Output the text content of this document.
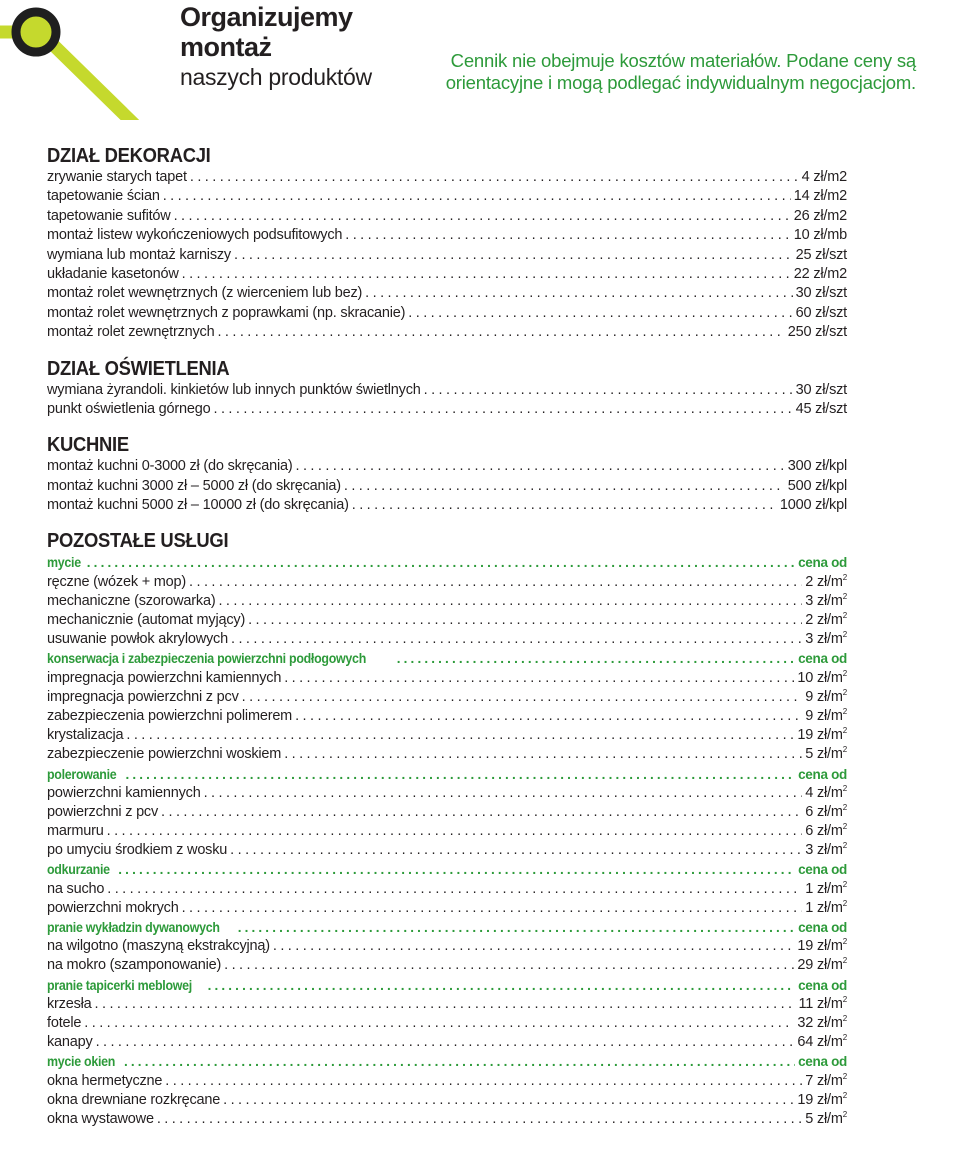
Organizujemy
montaż
naszych produktów
Cennik nie obejmuje kosztów materiałów. Podane ceny są orientacyjne i mogą podlegać indywidualnym negocjacjom.
DZIAŁ DEKORACJI
zrywanie starych tapet . . .	4 zł/m2
tapetowanie ścian . . .	14 zł/m2
tapetowanie sufitów . . .	26 zł/m2
montaż listew wykończeniowych podsufitowych . . .	10 zł/mb
wymiana lub montaż karniszy . . .	25 zł/szt
układanie kasetonów . . .	22 zł/m2
montaż rolet wewnętrznych (z wierceniem lub bez) . . .	30 zł/szt
montaż rolet wewnętrznych z poprawkami (np. skracanie) . . .	60 zł/szt
montaż rolet zewnętrznych . . .	250 zł/szt
DZIAŁ OŚWIETLENIA
wymiana żyrandoli. kinkietów lub innych punktów świetlnych . . .	30 zł/szt
punkt oświetlenia górnego . . .	45 zł/szt
KUCHNIE
montaż kuchni 0-3000 zł (do skręcania) . . .	300 zł/kpl
montaż kuchni 3000 zł – 5000 zł (do skręcania) . . .	500 zł/kpl
montaż kuchni 5000 zł – 10000 zł (do skręcania) . . .	1000 zł/kpl
POZOSTAŁE USŁUGI
mycie . . .	cena od
ręczne (wózek + mop) . . .	2 $zł/m^2$
mechaniczne (szorowarka) . . .	3 $zł/m^2$
mechanicznie (automat myjący) . . .	2 $zł/m^2$
usuwanie powłok akrylowych . . .	3 $zł/m^2$
konserwacja i zabezpieczenia powierzchni podłogowych . . .	cena od
impregnacja powierzchni kamiennych . . .	10 $zł/m^2$
impregnacja powierzchni z pcv . . .	9 $zł/m^2$
zabezpieczenia powierzchni polimerem . . .	9 $zł/m^2$
krystalizacja . . .	19 $zł/m^2$
zabezpieczenie powierzchni woskiem . . .	5 $zł/m^2$
polerowanie . . .	cena od
powierzchni kamiennych . . .	4 $zł/m^2$
powierzchni z pcv . . .	6 $zł/m^2$
marmuru . . .	6 $zł/m^2$
po umyciu środkiem z wosku . . .	3 $zł/m^2$
odkurzanie . . .	cena od
na sucho . . .	1 $zł/m^2$
powierzchni mokrych . . .	1 $zł/m^2$
pranie wykładzin dywanowych . . .	cena od
na wilgotno (maszyną ekstrakcyjną) . . .	19 $zł/m^2$
na mokro (szamponowanie) . . .	29 $zł/m^2$
pranie tapicerki meblowej . . .	cena od
krzesła . . .	11 $zł/m^2$
fotele . . .	32 $zł/m^2$
kanapy . . .	64 $zł/m^2$
mycie okien . . .	cena od
okna hermetyczne . . .	7 $zł/m^2$
okna drewniane rozkręcane . . .	19 $zł/m^2$
okna wystawowe . . .	5 $zł/m^2$
